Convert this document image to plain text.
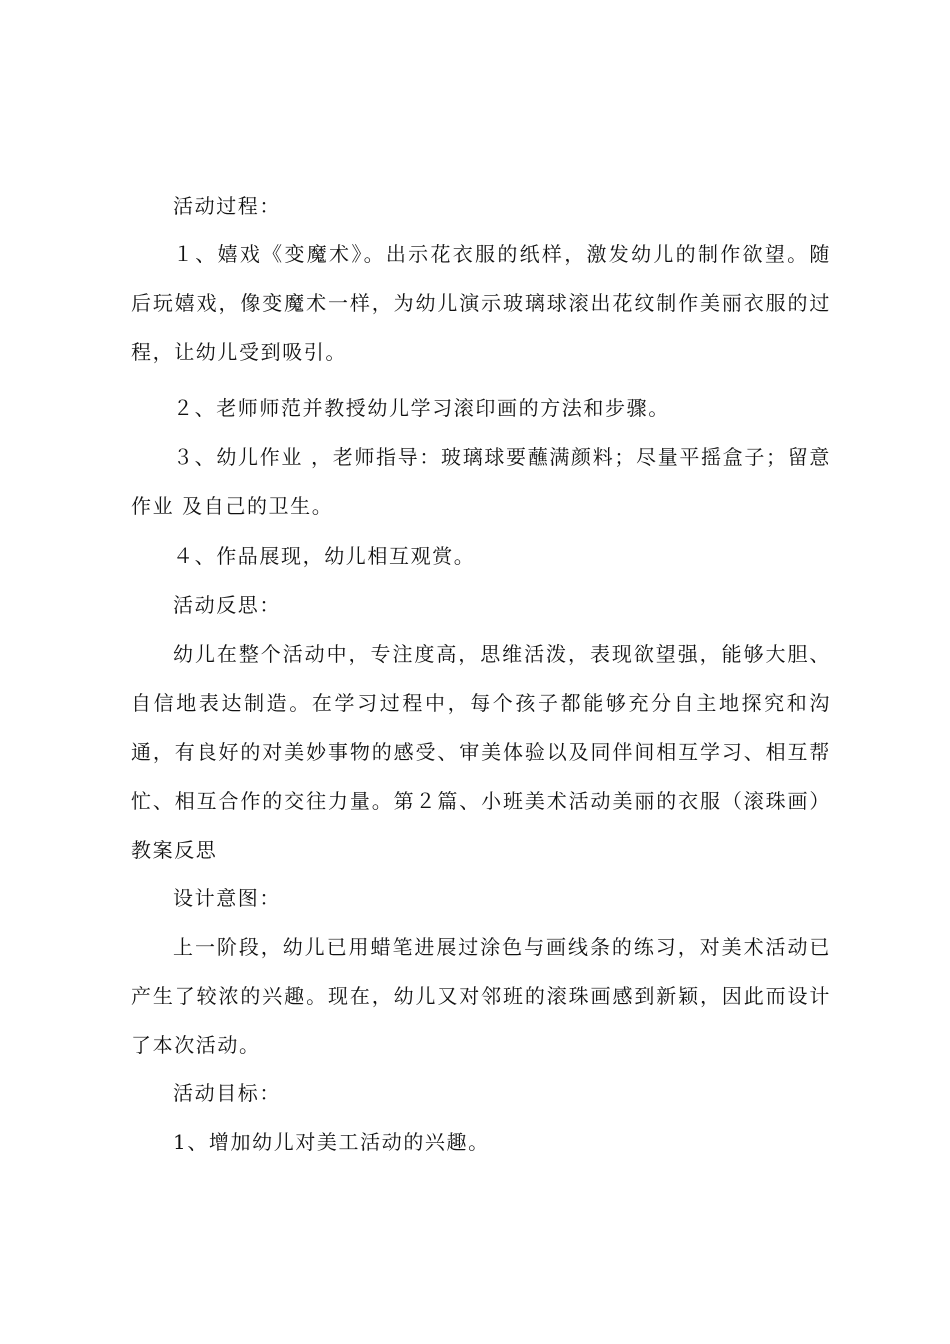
活动过程：

１、嬉戏《变魔术》。出示花衣服的纸样，激发幼儿的制作欲望。随后玩嬉戏，像变魔术一样，为幼儿演示玻璃球滚出花纹制作美丽衣服的过程，让幼儿受到吸引。

２、老师师范并教授幼儿学习滚印画的方法和步骤。

３、幼儿作业 ，老师指导：玻璃球要蘸满颜料；尽量平摇盒子；留意作业 及自己的卫生。

４、作品展现，幼儿相互观赏。

活动反思：

幼儿在整个活动中，专注度高，思维活泼，表现欲望强，能够大胆、自信地表达制造。在学习过程中，每个孩子都能够充分自主地探究和沟通，有良好的对美妙事物的感受、审美体验以及同伴间相互学习、相互帮忙、相互合作的交往力量。第２篇、小班美术活动美丽的衣服（滚珠画）教案反思

设计意图：

上一阶段，幼儿已用蜡笔进展过涂色与画线条的练习，对美术活动已产生了较浓的兴趣。现在，幼儿又对邻班的滚珠画感到新颖，因此而设计了本次活动。

活动目标：

1、增加幼儿对美工活动的兴趣。
